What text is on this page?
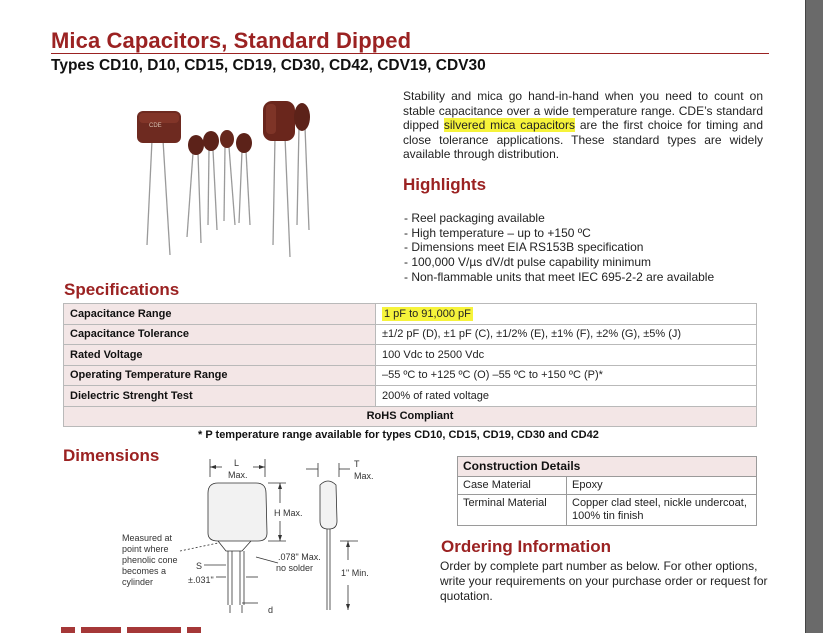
Mica Capacitors, Standard Dipped
Types CD10, D10, CD15, CD19, CD30, CD42, CDV19, CDV30
CDE
Stability and mica go hand-in-hand when you need to count on stable capacitance over a wide temperature range. CDE’s standard dipped silvered mica capacitors are the first choice for timing and close tolerance applications. These standard types are widely available through distribution.
Highlights
- Reel packaging available
- High temperature – up to +150 ºC
- Dimensions meet EIA RS153B specification
- 100,000 V/µs dV/dt pulse capability minimum
- Non-flammable units that meet IEC 695-2-2 are available
Specifications
Capacitance Range	1 pF to 91,000 pF
Capacitance Tolerance	±1/2 pF (D), ±1 pF (C), ±1/2% (E), ±1% (F), ±2% (G), ±5% (J)
Rated Voltage	100 Vdc to 2500 Vdc
Operating Temperature Range	–55 ºC to +125 ºC (O) –55 ºC to +150 ºC (P)*
Dielectric Strenght Test	200% of rated voltage
RoHS Compliant	
* P temperature range available for types CD10, CD15, CD19, CD30 and CD42
Dimensions	L
Max.
T
Max.
H Max.
Measured at
point where
phenolic cone
becomes a
cylinder
S
±.031"
.078" Max.
no solder	1" Min.
d
Construction Details	
Case Material	Epoxy
Terminal Material	Copper clad steel, nickle undercoat, 100% tin finish
Ordering Information
Order by complete part number as below. For other options, write your requirements on your purchase order or request for quotation.
